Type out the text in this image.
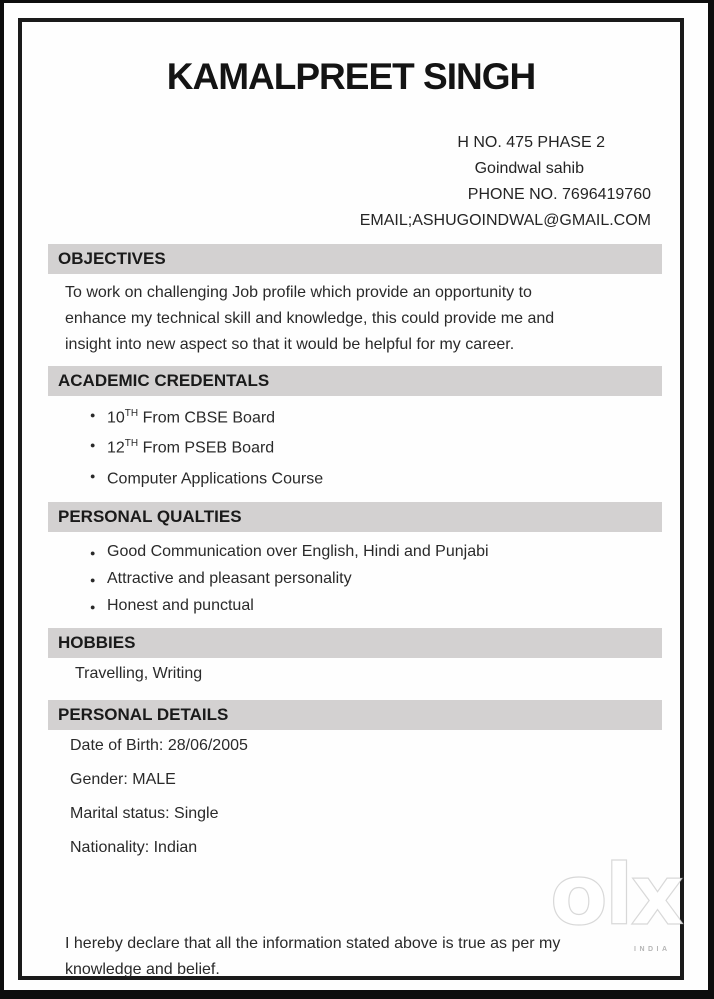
KAMALPREET SINGH
H NO. 475 PHASE 2
Goindwal sahib
PHONE NO. 7696419760
EMAIL;ASHUGOINDWAL@GMAIL.COM
OBJECTIVES
To work on challenging Job profile which provide an opportunity to
enhance my technical skill and knowledge, this could provide me and
insight into new aspect so that it would be helpful for my career.
ACADEMIC CREDENTALS
●
10TH From CBSE Board
●
12TH From PSEB Board
●
Computer Applications Course
PERSONAL QUALTIES
●
Good Communication over English, Hindi and Punjabi
●
Attractive and pleasant personality
●
Honest and punctual
HOBBIES
Travelling, Writing
PERSONAL DETAILS
Date of Birth: 28/06/2005
Gender: MALE
Marital status: Single
Nationality: Indian
I hereby declare that all the information stated above is true as per my
knowledge and belief.
olx
INDIA
